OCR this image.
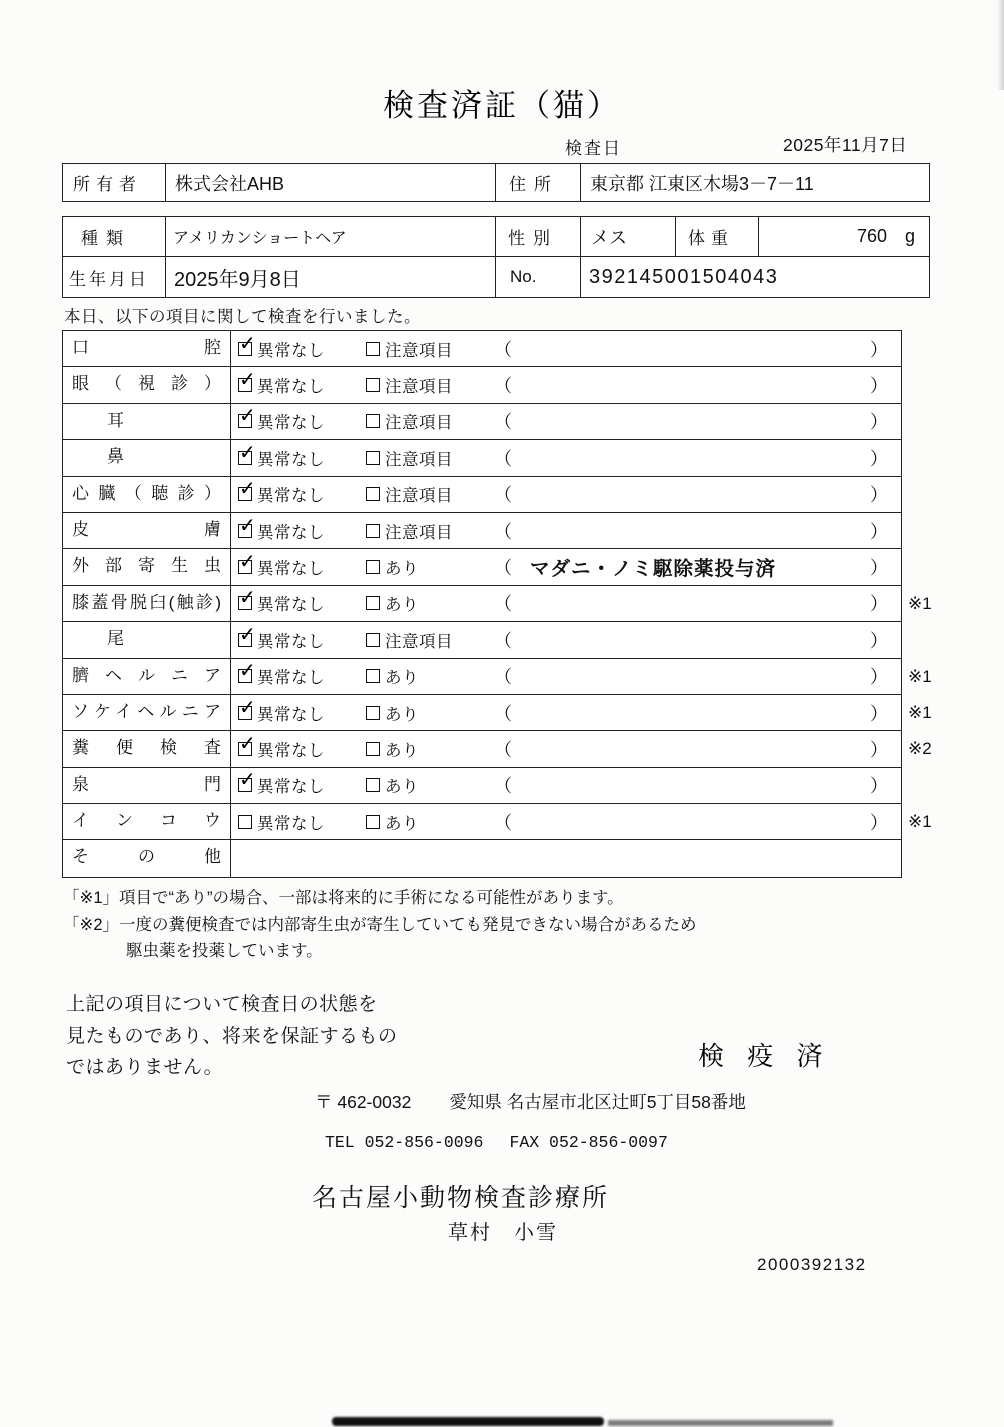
検査済証（猫）
検査日	2025年11月7日
所有者	株式会社AHB	住所	東京都 江東区木場3－7－11
種類	アメリカンショートヘア	性別	メス	体重	760 g
生年月日	2025年9月8日	No.	392145001504043
本日、以下の項目に関して検査を行いました。
口腔 ✓ 異常なし	注意項目 （	）
眼（視診） ✓ 異常なし	注意項目 （	）
耳	✓ 異常なし	注意項目 （	）
鼻	✓ 異常なし	注意項目 （	）
心臓（聴診） ✓ 異常なし	注意項目 （	）
皮膚 ✓ 異常なし	注意項目 （	）
外部寄生虫 ✓ 異常なし	あり	（ マダニ・ノミ駆除薬投与済	）
膝蓋骨脱臼(触診) ✓ 異常なし	あり	（	） ※1
尾	✓ 異常なし	注意項目 （	）
臍ヘルニア ✓ 異常なし	あり	（	） ※1
ソケイヘルニア ✓ 異常なし	あり	（	） ※1
糞便検査 ✓ 異常なし	あり	（	） ※2
泉門 ✓ 異常なし	あり	（	）
インコウ	異常なし	あり	（	） ※1
その他
「※1」項目で“あり”の場合、一部は将来的に手術になる可能性があります。
「※2」一度の糞便検査では内部寄生虫が寄生していても発見できない場合があるため
駆虫薬を投薬しています。
上記の項目について検査日の状態を
見たものであり、将来を保証するもの
ではありません。	検 疫 済
〒 462-0032 愛知県 名古屋市北区辻町5丁目58番地
TEL 052-856-0096 FAX 052-856-0097
名古屋小動物検査診療所
草村　小雪
2000392132
